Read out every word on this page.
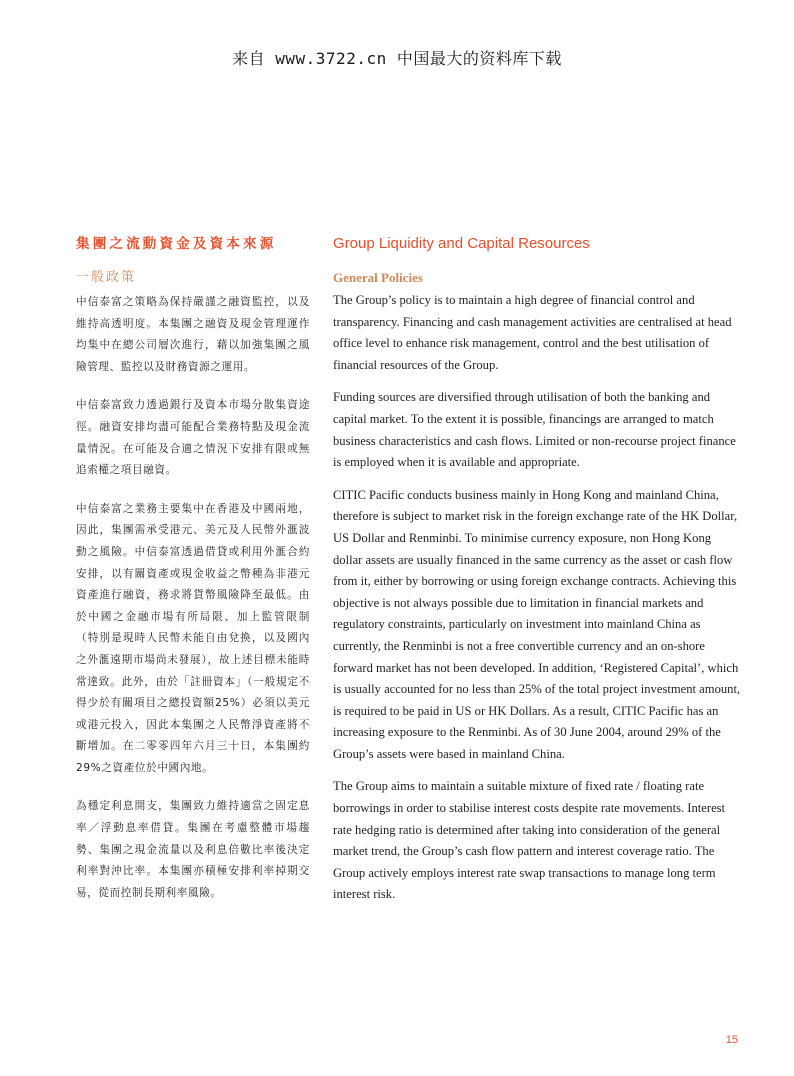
来自 www.3722.cn 中国最大的资料库下载
集團之流動資金及資本來源
一般政策

中信泰富之策略為保持嚴謹之融資監控，以及維持高透明度。本集團之融資及現金管理運作均集中在總公司層次進行，藉以加強集團之風險管理、監控以及財務資源之運用。

中信泰富致力透過銀行及資本市場分散集資途徑。融資安排均盡可能配合業務特點及現金流量情況。在可能及合適之情況下安排有限或無追索權之項目融資。

中信泰富之業務主要集中在香港及中國兩地，因此，集團需承受港元、美元及人民幣外滙波動之風險。中信泰富透過借貸或利用外滙合約安排，以有關資產或現金收益之幣種為非港元資產進行融資，務求將貨幣風險降至最低。由於中國之金融市場有所局限、加上監管限制（特別是現時人民幣未能自由兌換，以及國內之外滙遠期市場尚未發展），故上述目標未能時常達致。此外，由於「註冊資本」（一般規定不得少於有關項目之總投資額25%）必須以美元或港元投入，因此本集團之人民幣淨資產將不斷增加。在二零零四年六月三十日，本集團約29%之資產位於中國內地。

為穩定利息開支，集團致力維持適當之固定息率／浮動息率借貸。集團在考慮整體市場趨勢、集團之現金流量以及利息倍數比率後決定利率對沖比率。本集團亦積極安排利率掉期交易，從而控制長期利率風險。

Group Liquidity and Capital Resources
General Policies

The Group’s policy is to maintain a high degree of financial control and transparency. Financing and cash management activities are centralised at head office level to enhance risk management, control and the best utilisation of financial resources of the Group.

Funding sources are diversified through utilisation of both the banking and capital market. To the extent it is possible, financings are arranged to match business characteristics and cash flows. Limited or non-recourse project finance is employed when it is available and appropriate.

CITIC Pacific conducts business mainly in Hong Kong and mainland China, therefore is subject to market risk in the foreign exchange rate of the HK Dollar, US Dollar and Renminbi. To minimise currency exposure, non Hong Kong dollar assets are usually financed in the same currency as the asset or cash flow from it, either by borrowing or using foreign exchange contracts. Achieving this objective is not always possible due to limitation in financial markets and regulatory constraints, particularly on investment into mainland China as currently, the Renminbi is not a free convertible currency and an on-shore forward market has not been developed. In addition, ‘Registered Capital’, which is usually accounted for no less than 25% of the total project investment amount, is required to be paid in US or HK Dollars. As a result, CITIC Pacific has an increasing exposure to the Renminbi. As of 30 June 2004, around 29% of the Group’s assets were based in mainland China.

The Group aims to maintain a suitable mixture of fixed rate / floating rate borrowings in order to stabilise interest costs despite rate movements. Interest rate hedging ratio is determined after taking into consideration of the general market trend, the Group’s cash flow pattern and interest coverage ratio. The Group actively employs interest rate swap transactions to manage long term interest risk.

15
